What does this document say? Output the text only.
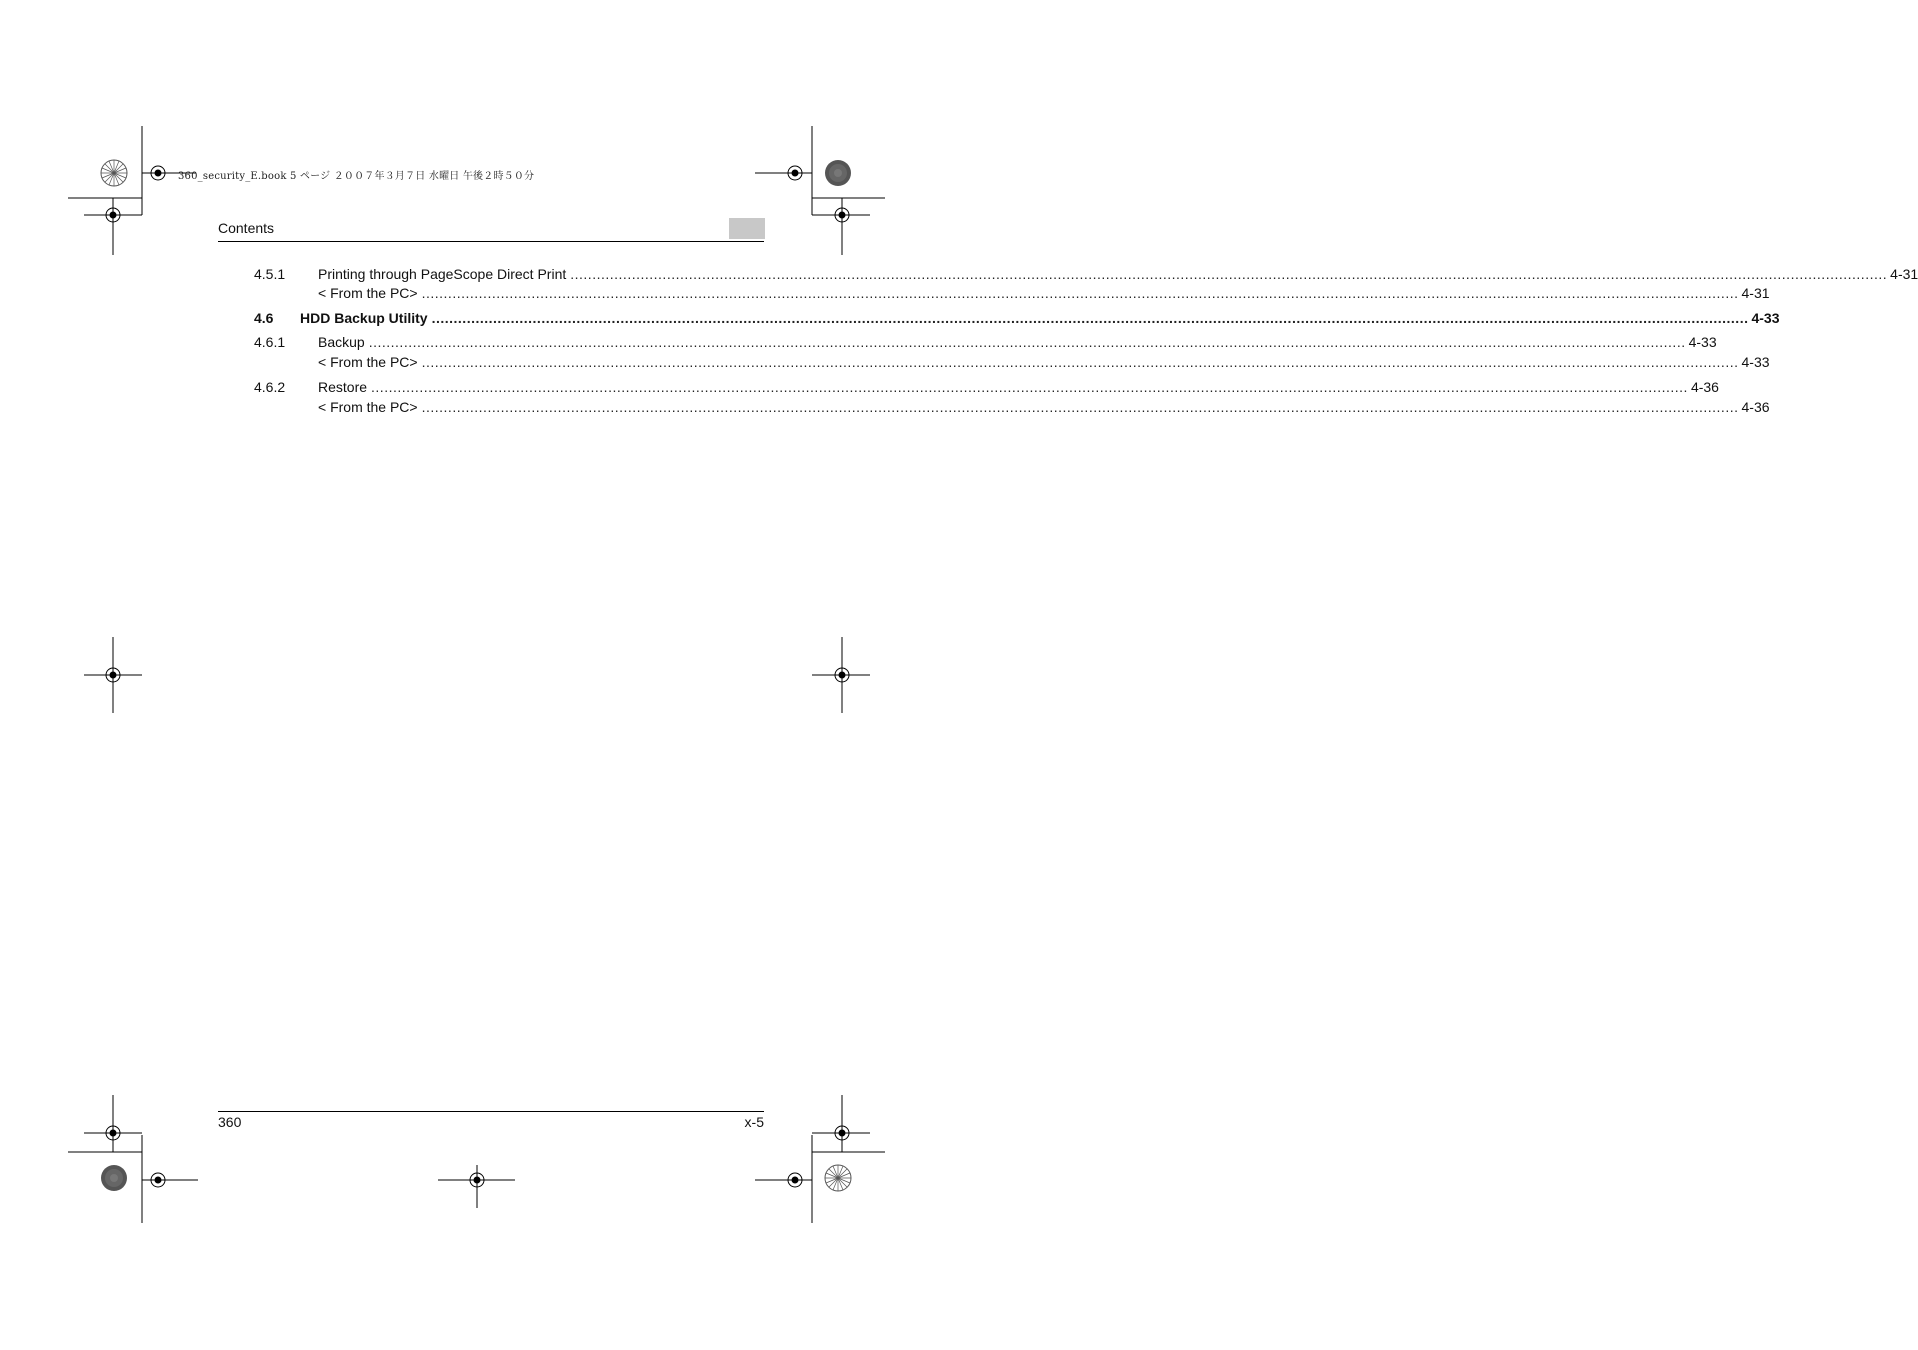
360_security_E.book 5 ページ ２００７年３月７日 水曜日 午後２時５０分
Contents
4.5.1 Printing through PageScope Direct Print ............................................................................................................................................................................................................................................................................................................ 4-31
< From the PC> ............................................................................................................................................................................................................................................................................................................ 4-31
4.6 HDD Backup Utility ............................................................................................................................................................................................................................................................................................................ 4-33
4.6.1 Backup ............................................................................................................................................................................................................................................................................................................ 4-33
< From the PC> ............................................................................................................................................................................................................................................................................................................ 4-33
4.6.2 Restore ............................................................................................................................................................................................................................................................................................................ 4-36
< From the PC> ............................................................................................................................................................................................................................................................................................................ 4-36
360	x-5
